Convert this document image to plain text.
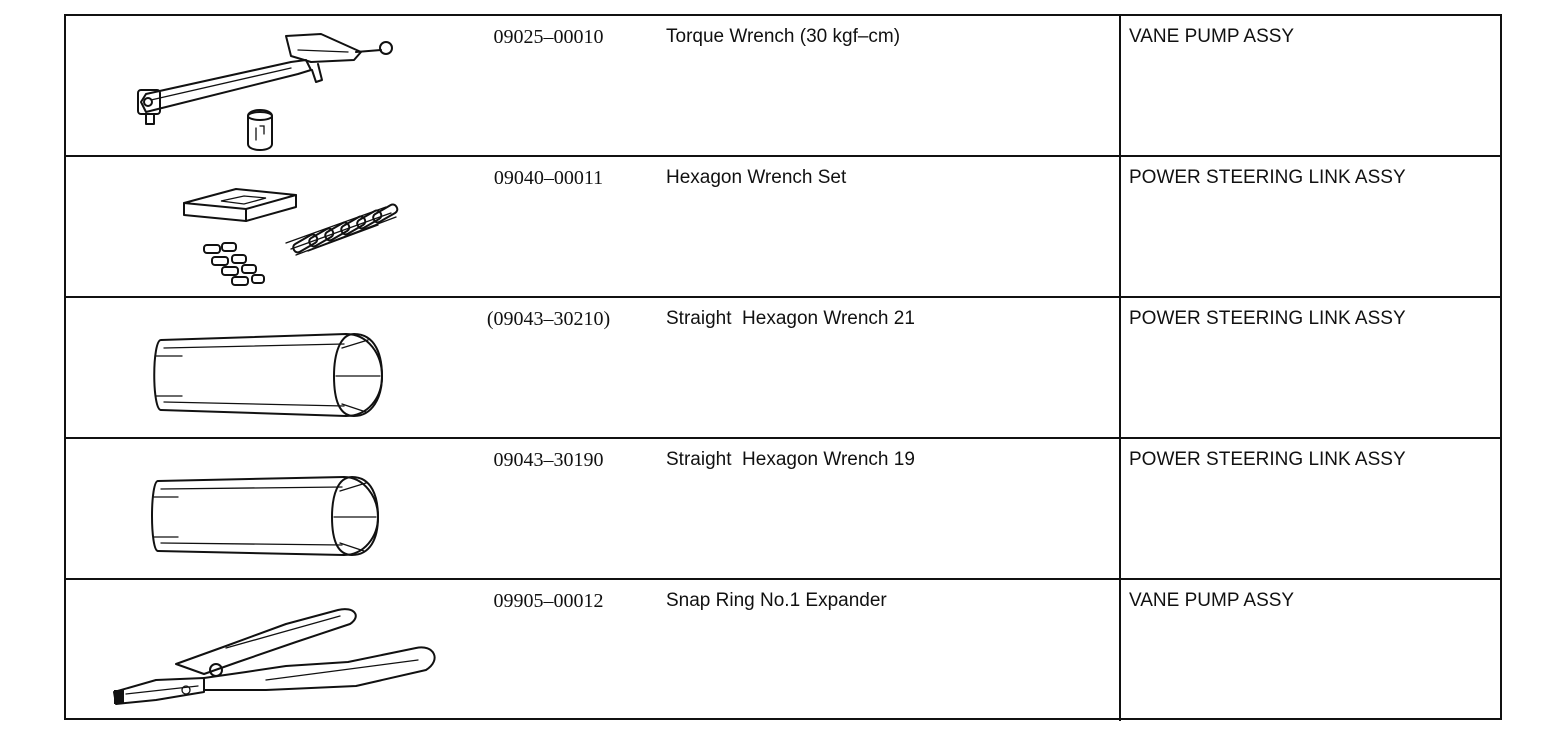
09025–00010	Torque Wrench (30 kgf–cm)	VANE PUMP ASSY
09040–00011	Hexagon Wrench Set	POWER STEERING LINK ASSY
(09043–30210)	Straight  Hexagon Wrench 21	POWER STEERING LINK ASSY
09043–30190	Straight  Hexagon Wrench 19	POWER STEERING LINK ASSY
09905–00012	Snap Ring No.1 Expander	VANE PUMP ASSY
